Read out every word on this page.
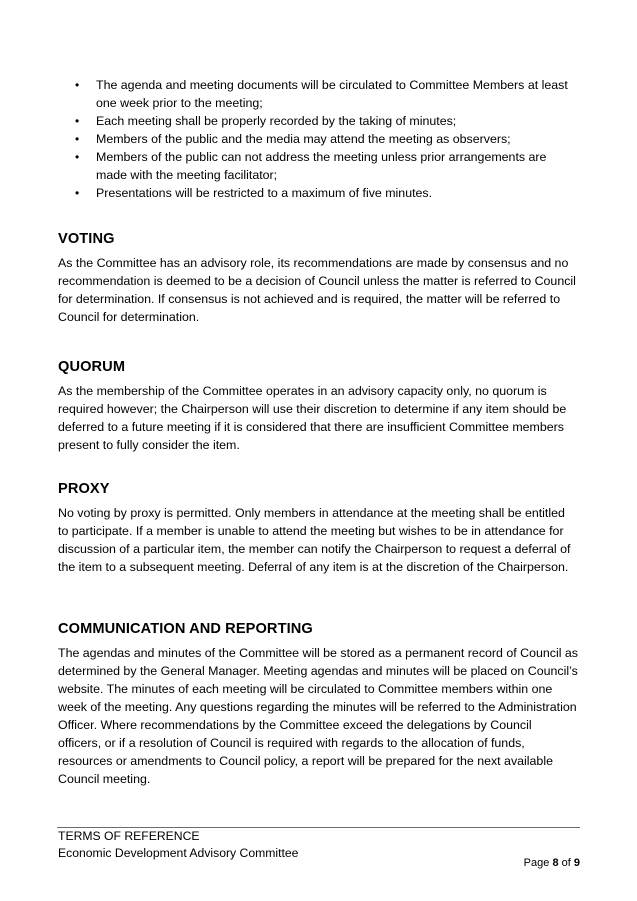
• The agenda and meeting documents will be circulated to Committee Members at least one week prior to the meeting;
• Each meeting shall be properly recorded by the taking of minutes;
• Members of the public and the media may attend the meeting as observers;
• Members of the public can not address the meeting unless prior arrangements are made with the meeting facilitator;
• Presentations will be restricted to a maximum of five minutes.
VOTING

As the Committee has an advisory role, its recommendations are made by consensus and no recommendation is deemed to be a decision of Council unless the matter is referred to Council for determination. If consensus is not achieved and is required, the matter will be referred to Council for determination.

QUORUM

As the membership of the Committee operates in an advisory capacity only, no quorum is required however; the Chairperson will use their discretion to determine if any item should be deferred to a future meeting if it is considered that there are insufficient Committee members present to fully consider the item.

PROXY

No voting by proxy is permitted. Only members in attendance at the meeting shall be entitled to participate. If a member is unable to attend the meeting but wishes to be in attendance for discussion of a particular item, the member can notify the Chairperson to request a deferral of the item to a subsequent meeting. Deferral of any item is at the discretion of the Chairperson.

COMMUNICATION AND REPORTING

The agendas and minutes of the Committee will be stored as a permanent record of Council as determined by the General Manager. Meeting agendas and minutes will be placed on Council’s website. The minutes of each meeting will be circulated to Committee members within one week of the meeting. Any questions regarding the minutes will be referred to the Administration Officer. Where recommendations by the Committee exceed the delegations by Council officers, or if a resolution of Council is required with regards to the allocation of funds, resources or amendments to Council policy, a report will be prepared for the next available Council meeting.

TERMS OF REFERENCE
Economic Development Advisory Committee
Page 8 of 9
